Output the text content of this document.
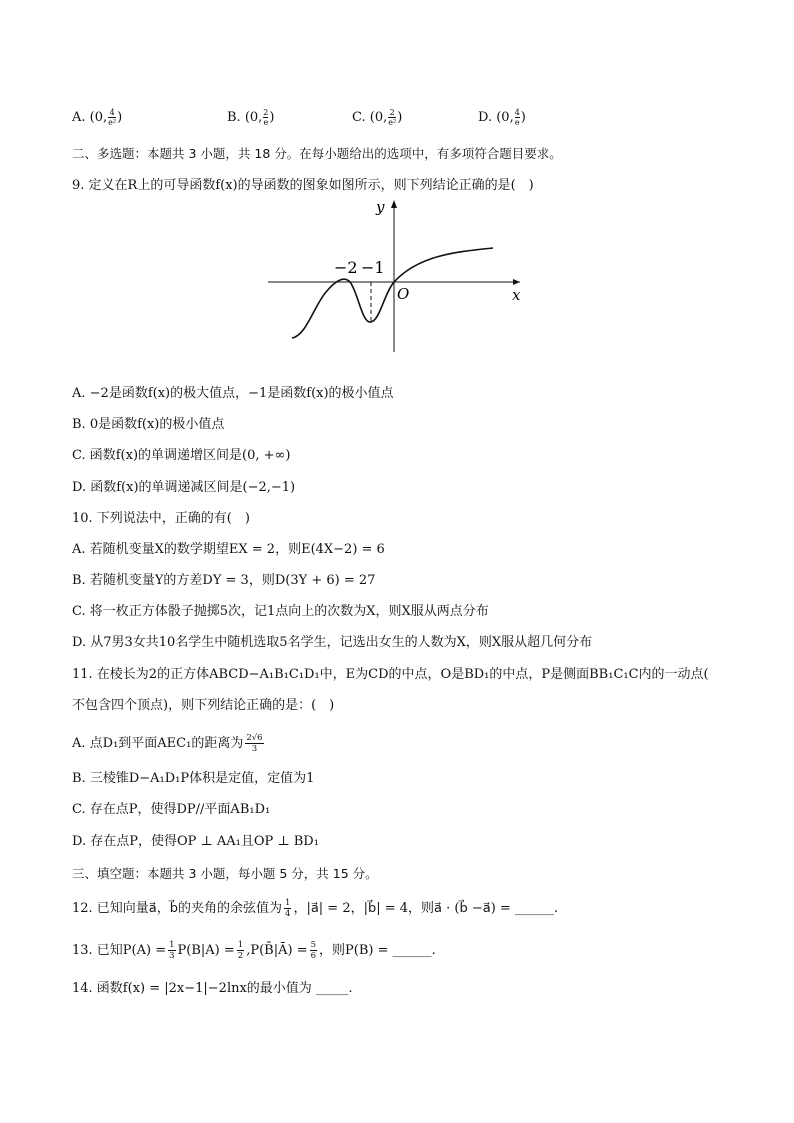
A. (0, $\frac{4}{\text{e²}}$ )	B. (0, $\frac{2}{e}$ )	C. (0, $\frac{2}{\text{e²}}$ )	D. (0, $\frac{4}{e}$ )
二、多选题：本题共 3 小题，共 18 分。在每小题给出的选项中，有多项符合题目要求。
9. 定义在R上的可导函数f(x)的导函数的图象如图所示，则下列结论正确的是(　)
y
x
O
−2 −1
A. −2是函数f(x)的极大值点，−1是函数f(x)的极小值点
B. 0是函数f(x)的极小值点
C. 函数f(x)的单调递增区间是(0, +∞)
D. 函数f(x)的单调递减区间是(−2,−1)
10. 下列说法中，正确的有(　)
A. 若随机变量X的数学期望EX = 2，则E(4X−2) = 6
B. 若随机变量Y的方差DY = 3，则D(3Y + 6) = 27
C. 将一枚正方体骰子抛掷5次，记1点向上的次数为X，则X服从两点分布
D. 从7男3女共10名学生中随机选取5名学生，记选出女生的人数为X，则X服从超几何分布
11. 在棱长为2的正方体ABCD−A₁B₁C₁D₁中，E为CD的中点，O是BD₁的中点，P是侧面BB₁C₁C内的一动点(
不包含四个顶点)，则下列结论正确的是：(　)
A. 点D₁到平面AEC₁的距离为 $\frac{2√6}{3}$
B. 三棱锥D−A₁D₁P体积是定值，定值为1
C. 存在点P，使得DP//平面AB₁D₁
D. 存在点P，使得OP ⊥ AA₁且OP ⊥ BD₁
三、填空题：本题共 3 小题，每小题 5 分，共 15 分。
12. 已知向量a⃗，b⃗的夹角的余弦值为 $\frac{1}{4}$ ，|a⃗| = 2，|b⃗| = 4，则a⃗ · (b⃗ −a⃗) = ______.
13. 已知$P(A) = \frac{1}{3} P(B|A) = \frac{1}{2}$ ,P(B̄|Ā) = $\frac{5}{6}$ ，则P(B) = ______.
14. 函数f(x) = |2x−1|−2lnx的最小值为 _____.
